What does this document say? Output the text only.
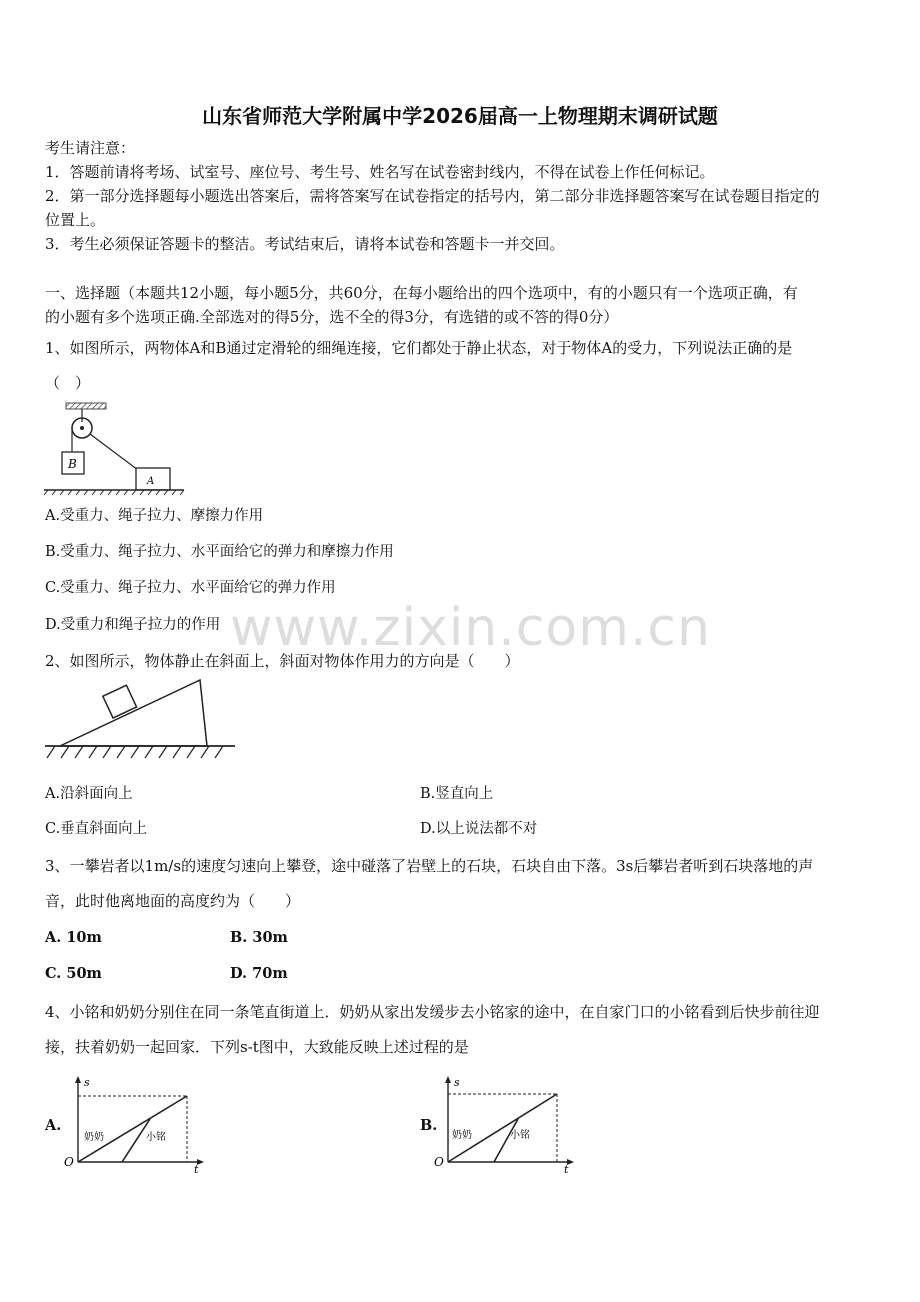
山东省师范大学附属中学2026届高一上物理期末调研试题
考生请注意：
1．答题前请将考场、试室号、座位号、考生号、姓名写在试卷密封线内，不得在试卷上作任何标记。
2．第一部分选择题每小题选出答案后，需将答案写在试卷指定的括号内，第二部分非选择题答案写在试卷题目指定的
位置上。
3．考生必须保证答题卡的整洁。考试结束后，请将本试卷和答题卡一并交回。
一、选择题（本题共12小题，每小题5分，共60分，在每小题给出的四个选项中，有的小题只有一个选项正确，有
的小题有多个选项正确.全部选对的得5分，选不全的得3分，有选错的或不答的得0分）
1、如图所示，两物体A和B通过定滑轮的细绳连接，它们都处于静止状态，对于物体A的受力，下列说法正确的是
（　）
B
A
A.受重力、绳子拉力、摩擦力作用
B.受重力、绳子拉力、水平面给它的弹力和摩擦力作用
C.受重力、绳子拉力、水平面给它的弹力作用
D.受重力和绳子拉力的作用 www.zixin.com.cn
2、如图所示，物体静止在斜面上，斜面对物体作用力的方向是（　　）
A.沿斜面向上	B.竖直向上
C.垂直斜面向上	D.以上说法都不对
3、一攀岩者以1m/s的速度匀速向上攀登，途中碰落了岩壁上的石块，石块自由下落。3s后攀岩者听到石块落地的声
音，此时他离地面的高度约为（　　）
A. 10m	B. 30m
C. 50m	D. 70m
4、小铭和奶奶分别住在同一条笔直街道上．奶奶从家出发缓步去小铭家的途中，在自家门口的小铭看到后快步前往迎
接，扶着奶奶一起回家．下列s-t图中，大致能反映上述过程的是
A.
s
t
O
奶奶	小铭
B.
s
t
O
奶奶	小铭
